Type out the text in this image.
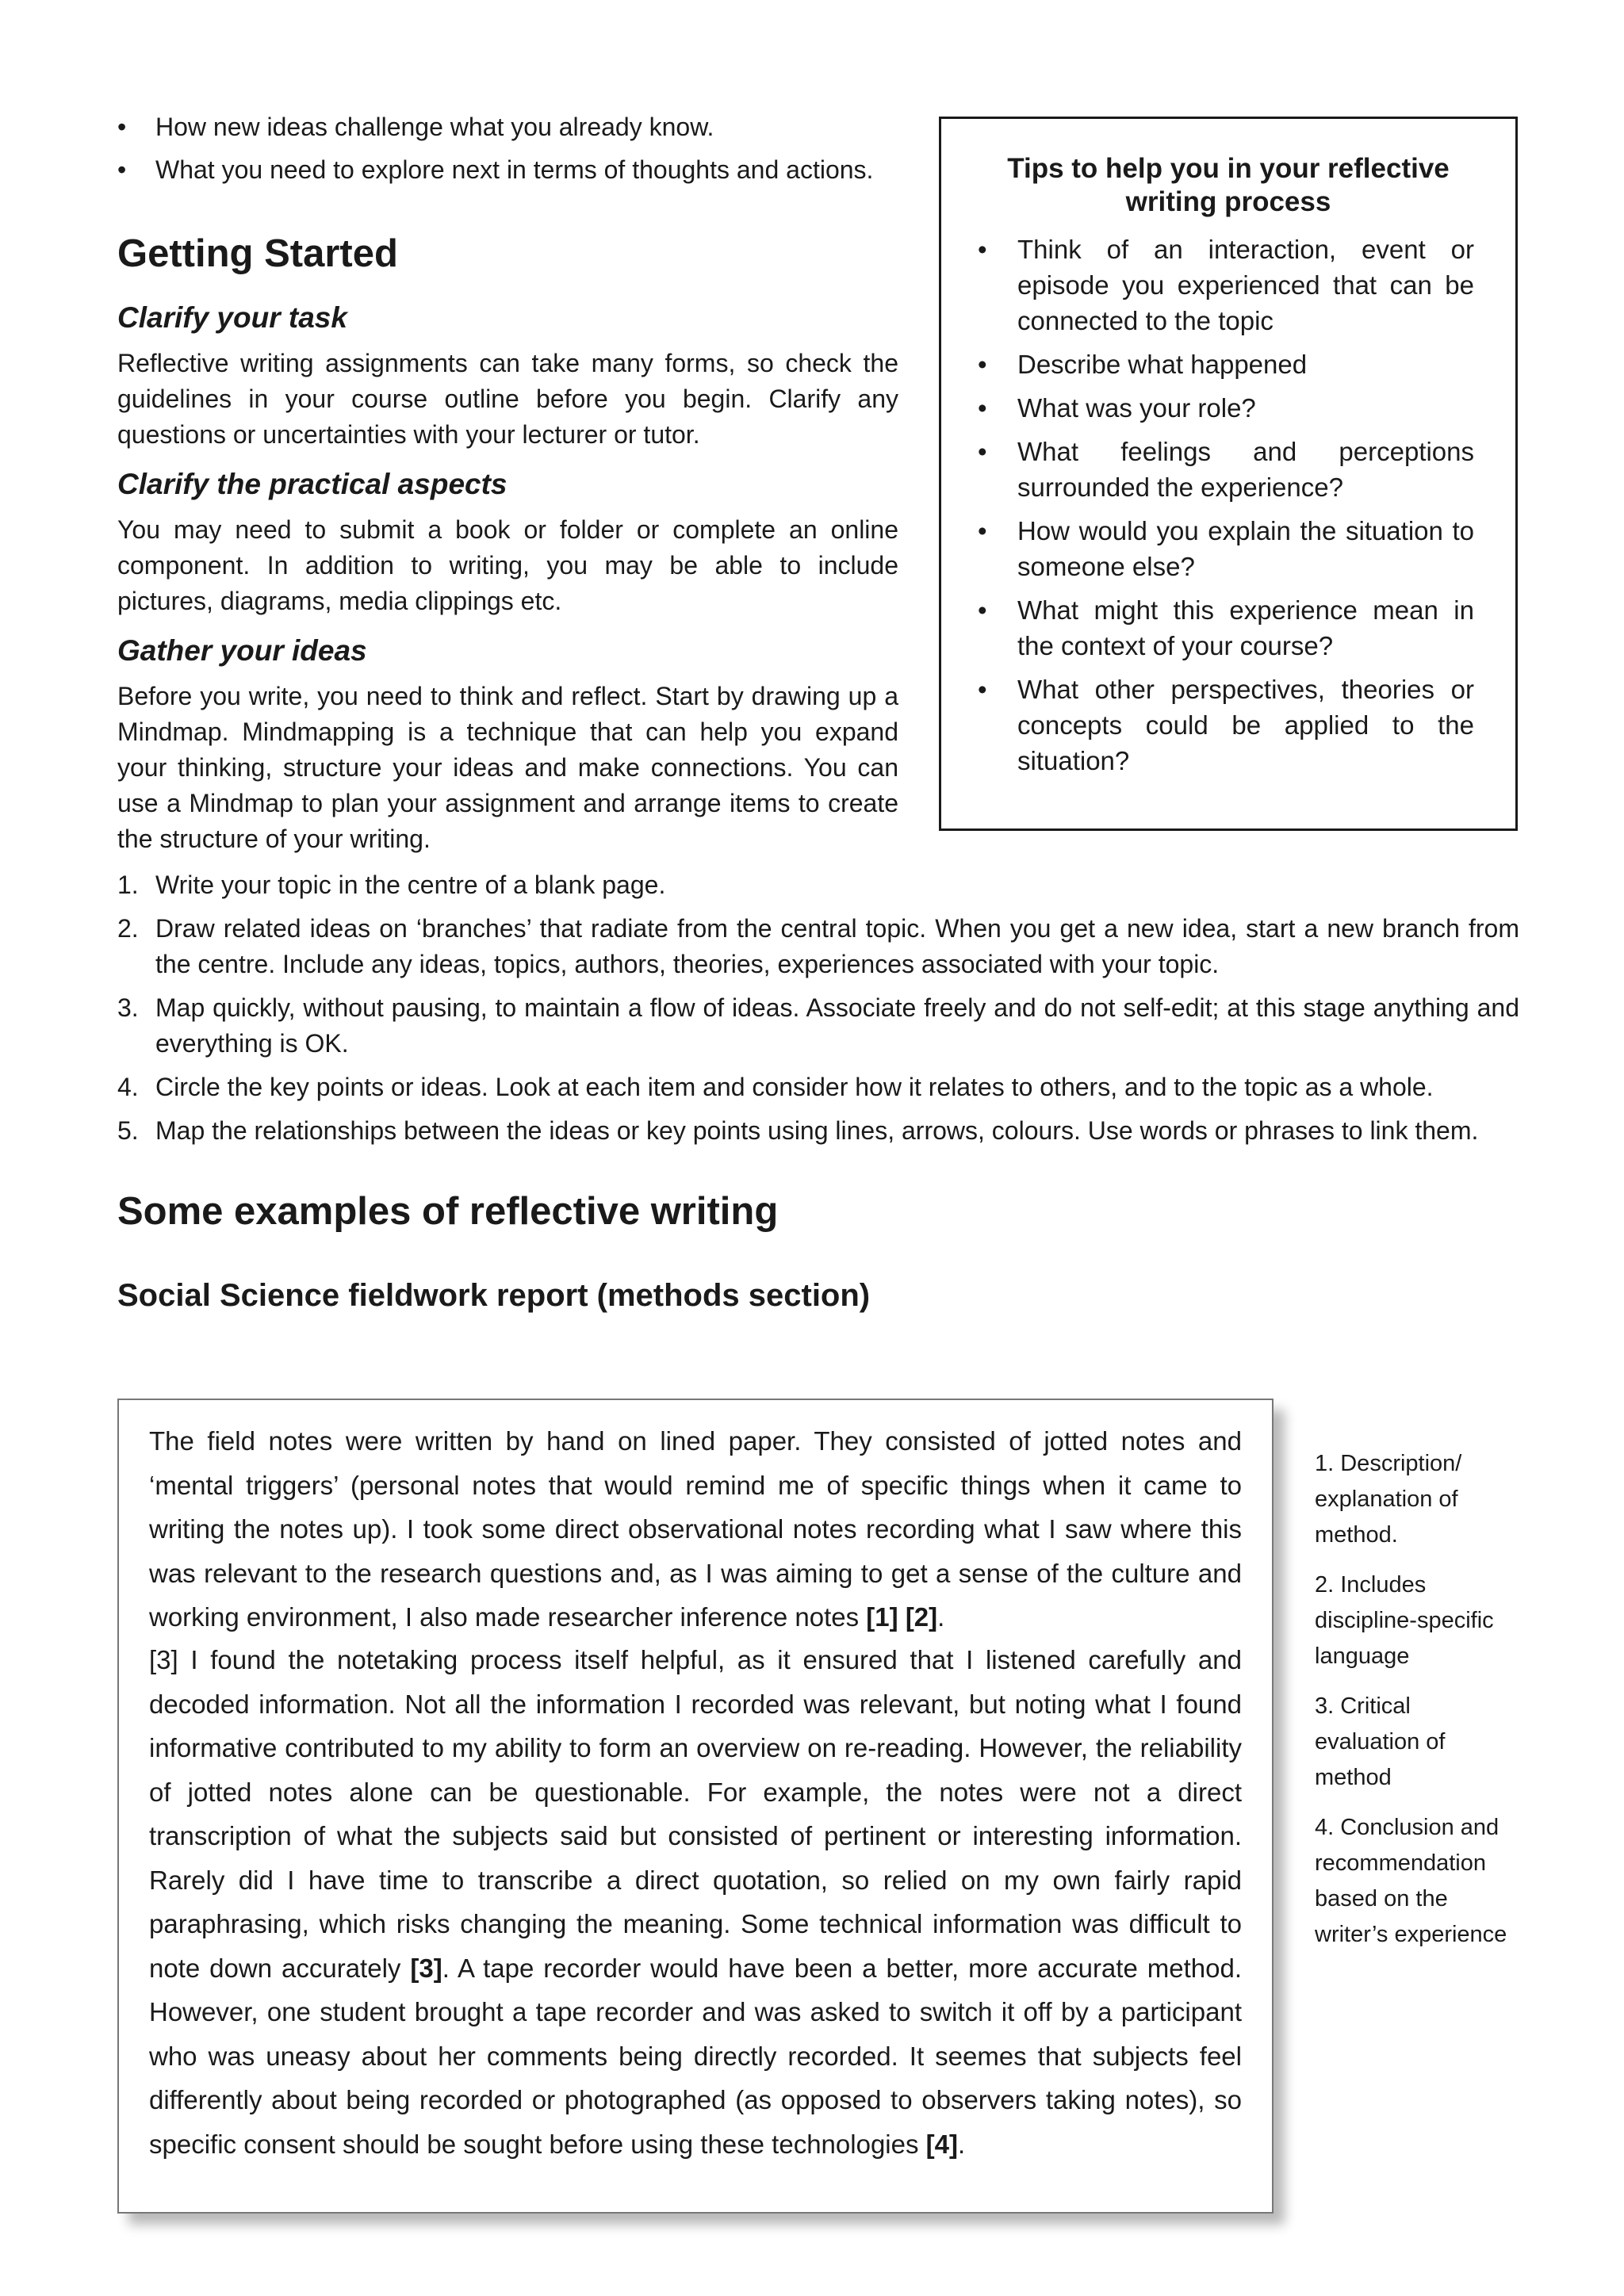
• How new ideas challenge what you already know.
• What you need to explore next in terms of thoughts and actions.
Getting Started
Clarify your task

Reflective writing assignments can take many forms, so check the guidelines in your course outline before you begin. Clarify any questions or uncertainties with your lecturer or tutor.

Clarify the practical aspects

You may need to submit a book or folder or complete an online component. In addition to writing, you may be able to include pictures, diagrams, media clippings etc.

Gather your ideas

Before you write, you need to think and reflect. Start by drawing up a Mindmap. Mindmapping is a technique that can help you expand your thinking, structure your ideas and make connections. You can use a Mindmap to plan your assignment and arrange items to create the structure of your writing.

Tips to help you in your reflective writing process
• Think of an interaction, event or episode you experienced that can be connected to the topic
• Describe what happened
• What was your role?
• What feelings and perceptions surrounded the experience?
• How would you explain the situation to someone else?
• What might this experience mean in the context of your course?
• What other perspectives, theories or concepts could be applied to the situation?
1. Write your topic in the centre of a blank page.
2. Draw related ideas on ‘branches’ that radiate from the central topic. When you get a new idea, start a new branch from the centre. Include any ideas, topics, authors, theories, experiences associated with your topic.
3. Map quickly, without pausing, to maintain a flow of ideas. Associate freely and do not self-edit; at this stage anything and everything is OK.
4. Circle the key points or ideas. Look at each item and consider how it relates to others, and to the topic as a whole.
5. Map the relationships between the ideas or key points using lines, arrows, colours. Use words or phrases to link them.
Some examples of reflective writing
Social Science fieldwork report (methods section)

The field notes were written by hand on lined paper. They consisted of jotted notes and ‘mental triggers’ (personal notes that would remind me of specific things when it came to writing the notes up). I took some direct observational notes recording what I saw where this was relevant to the research questions and, as I was aiming to get a sense of the culture and working environment, I also made researcher inference notes [1] [2].

[3] I found the notetaking process itself helpful, as it ensured that I listened carefully and decoded information. Not all the information I recorded was relevant, but noting what I found informative contributed to my ability to form an overview on re-reading. However, the reliability of jotted notes alone can be questionable. For example, the notes were not a direct transcription of what the subjects said but consisted of pertinent or interesting information. Rarely did I have time to transcribe a direct quotation, so relied on my own fairly rapid paraphrasing, which risks changing the meaning. Some technical information was difficult to note down accurately [3]. A tape recorder would have been a better, more accurate method. However, one student brought a tape recorder and was asked to switch it off by a participant who was uneasy about her comments being directly recorded. It seemes that subjects feel differently about being recorded or photographed (as opposed to observers taking notes), so specific consent should be sought before using these technologies [4].

1. Description/ explanation of method.

2. Includes discipline-specific language

3. Critical evaluation of method

4. Conclusion and recommendation based on the writer’s experience
